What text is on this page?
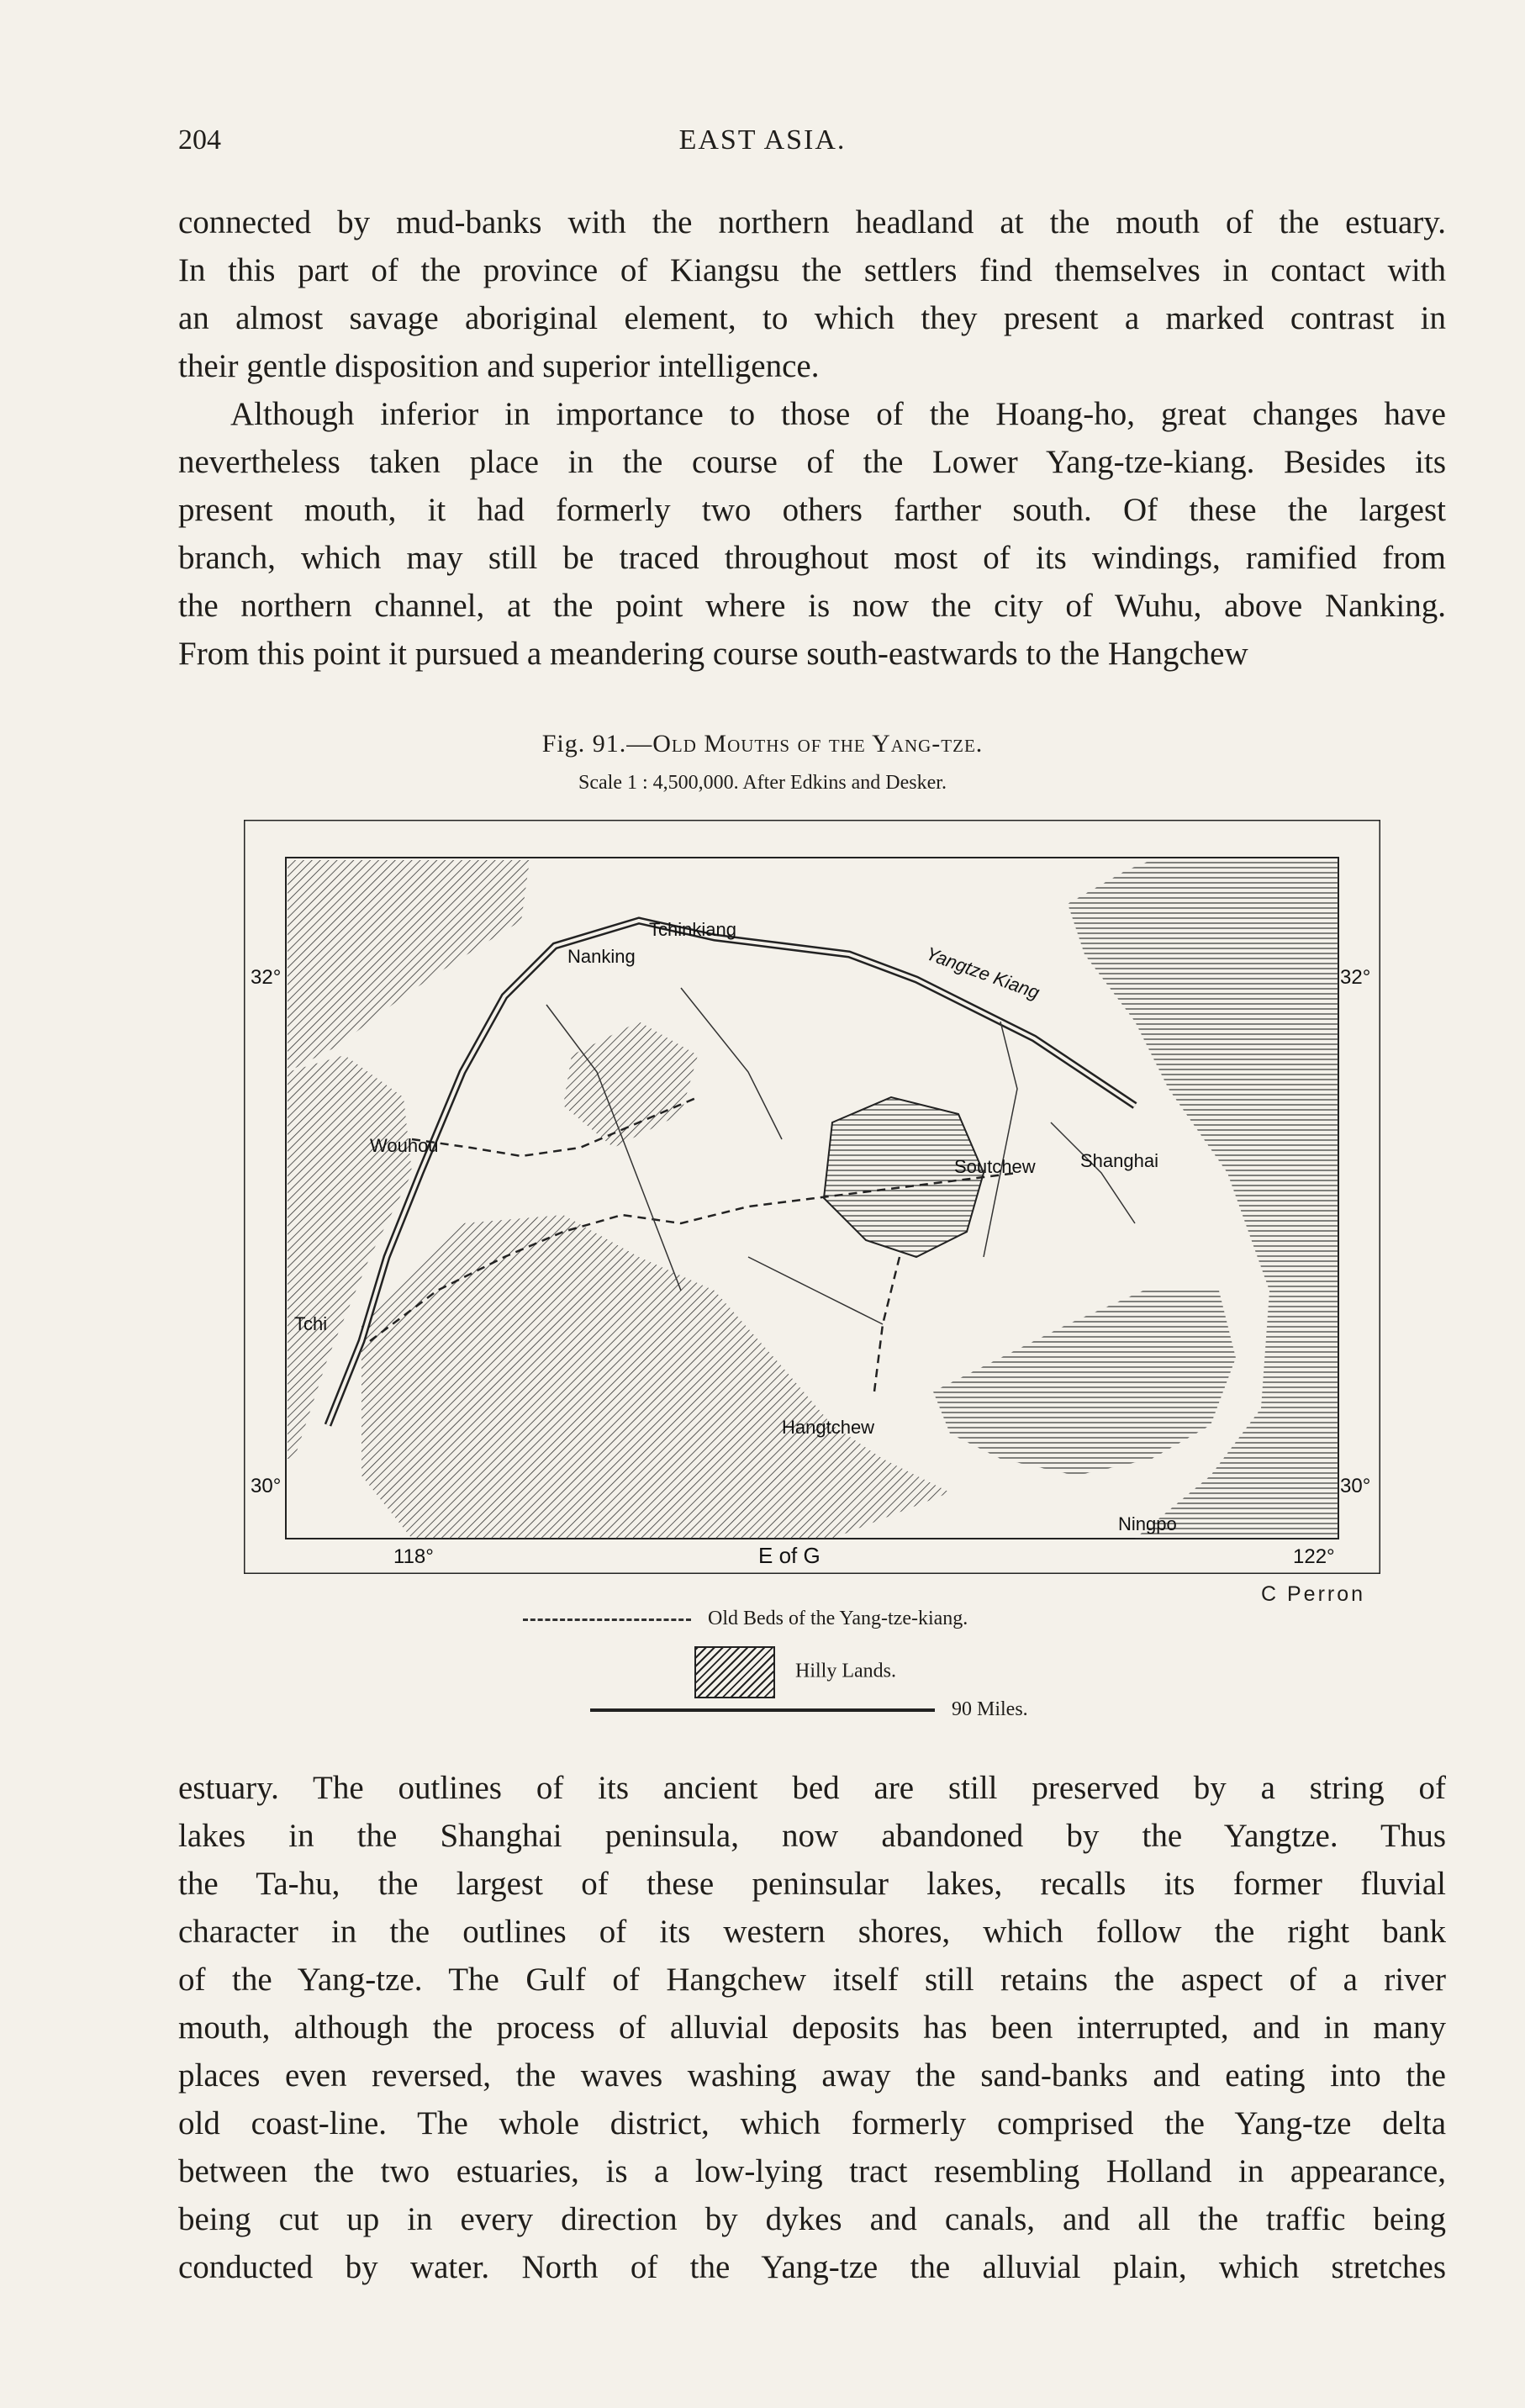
204	EAST ASIA.

connected by mud-banks with the northern headland at the mouth of the estuary.
In this part of the province of Kiangsu the settlers find themselves in contact with
an almost savage aboriginal element, to which they present a marked contrast in
their gentle disposition and superior intelligence.

Although inferior in importance to those of the Hoang-ho, great changes have
nevertheless taken place in the course of the Lower Yang-tze-kiang. Besides its
present mouth, it had formerly two others farther south. Of these the largest
branch, which may still be traced throughout most of its windings, ramified from
the northern channel, at the point where is now the city of Wuhu, above Nanking.
From this point it pursued a meandering course south-eastwards to the Hangchew

Fig. 91.—Old Mouths of the Yang-tze.
Scale 1 : 4,500,000. After Edkins and Desker.
Tchinkiang
Nanking	Yangtze Kiang
Wouhou
Soutchew Shanghai
Tchi
Hangtchew
Ningpo
32°	32°
30°	30°
118°	E of G	122°
C Perron
Old Beds of the Yang-tze-kiang.
Hilly Lands.
90 Miles.

estuary. The outlines of its ancient bed are still preserved by a string of
lakes in the Shanghai peninsula, now abandoned by the Yangtze. Thus
the Ta-hu, the largest of these peninsular lakes, recalls its former fluvial
character in the outlines of its western shores, which follow the right bank
of the Yang-tze. The Gulf of Hangchew itself still retains the aspect of a river
mouth, although the process of alluvial deposits has been interrupted, and in many
places even reversed, the waves washing away the sand-banks and eating into the
old coast-line. The whole district, which formerly comprised the Yang-tze delta
between the two estuaries, is a low-lying tract resembling Holland in appearance,
being cut up in every direction by dykes and canals, and all the traffic being
conducted by water. North of the Yang-tze the alluvial plain, which stretches
